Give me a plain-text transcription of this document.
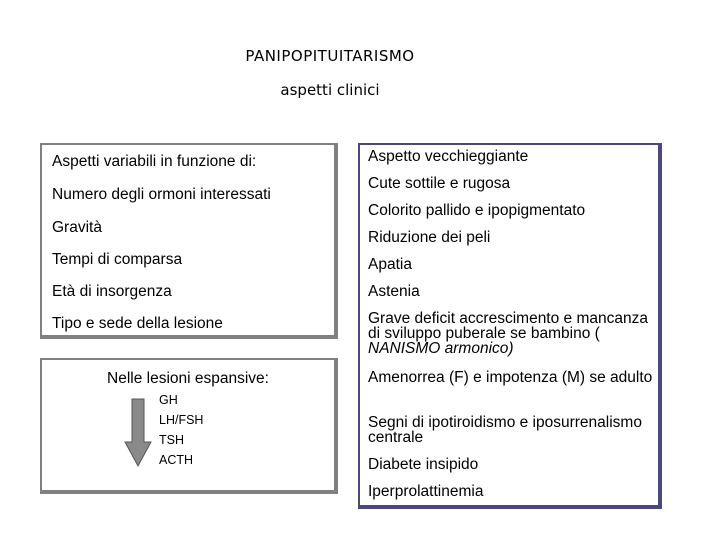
PANIPOPITUITARISMO
aspetti clinici
Aspetti variabili in funzione di:
Numero degli ormoni interessati
Gravità
Tempi di comparsa
Età di insorgenza
Tipo e sede della lesione
Nelle lesioni espansive:
GH
LH/FSH
TSH
ACTH
Aspetto vecchieggiante
Cute sottile e rugosa
Colorito pallido e ipopigmentato
Riduzione dei peli
Apatia
Astenia
Grave deficit accrescimento e mancanza di sviluppo puberale se bambino ( NANISMO armonico)
Amenorrea (F) e impotenza (M) se adulto
Segni di ipotiroidismo e iposurrenalismo centrale
Diabete insipido
Iperprolattinemia
